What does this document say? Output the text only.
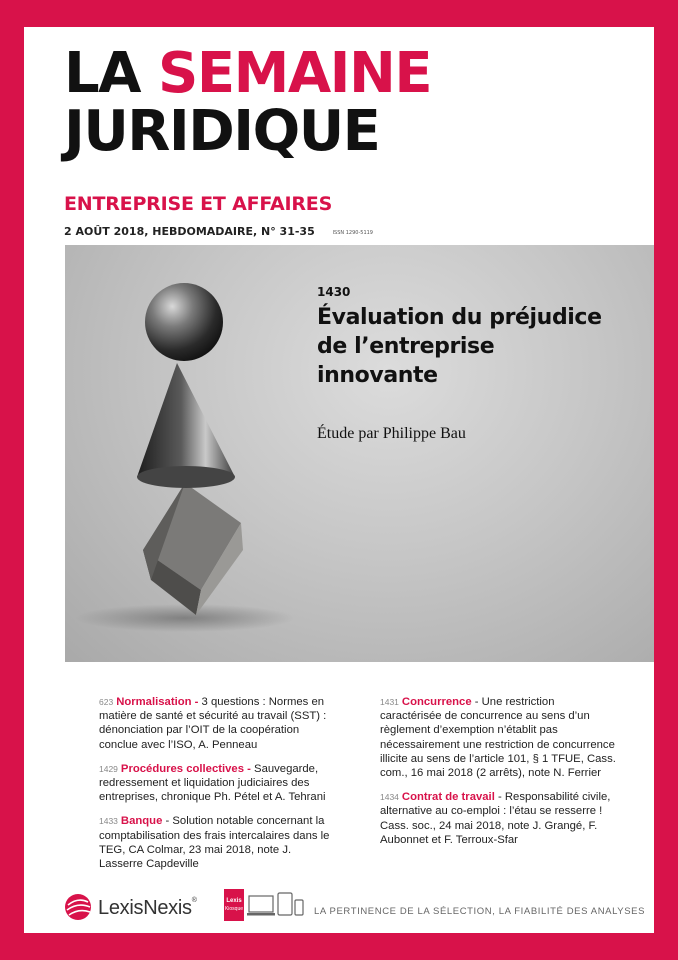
LA SEMAINE
JURIDIQUE
ENTREPRISE ET AFFAIRES
2 AOÛT 2018, HEBDOMADAIRE, N° 31-35	ISSN 1290-5119
1430
Évaluation du préjudice
de l’entreprise
innovante
Étude par Philippe Bau
623 Normalisation - 3 questions : Normes en matière de santé et sécurité au travail (SST) : dénonciation par l’OIT de la coopération conclue avec l’ISO, A. Penneau
1429 Procédures collectives - Sauvegarde, redressement et liquidation judiciaires des entreprises, chronique Ph. Pétel et A. Tehrani
1433 Banque - Solution notable concernant la comptabilisation des frais intercalaires dans le TEG, CA Colmar, 23 mai 2018, note J. Lasserre Capdeville
1431 Concurrence - Une restriction caractérisée de concurrence au sens d’un règlement d’exemption n’établit pas nécessairement une restriction de concurrence illicite au sens de l’article 101, § 1 TFUE, Cass. com., 16 mai 2018 (2 arrêts), note N. Ferrier
1434 Contrat de travail - Responsabilité civile, alternative au co-emploi : l’étau se resserre ! Cass. soc., 24 mai 2018, note J. Grangé, F. Aubonnet et F. Terroux-Sfar
LexisNexis®	Lexis
Kiosque	LA PERTINENCE DE LA SÉLECTION, LA FIABILITÉ DES ANALYSES
